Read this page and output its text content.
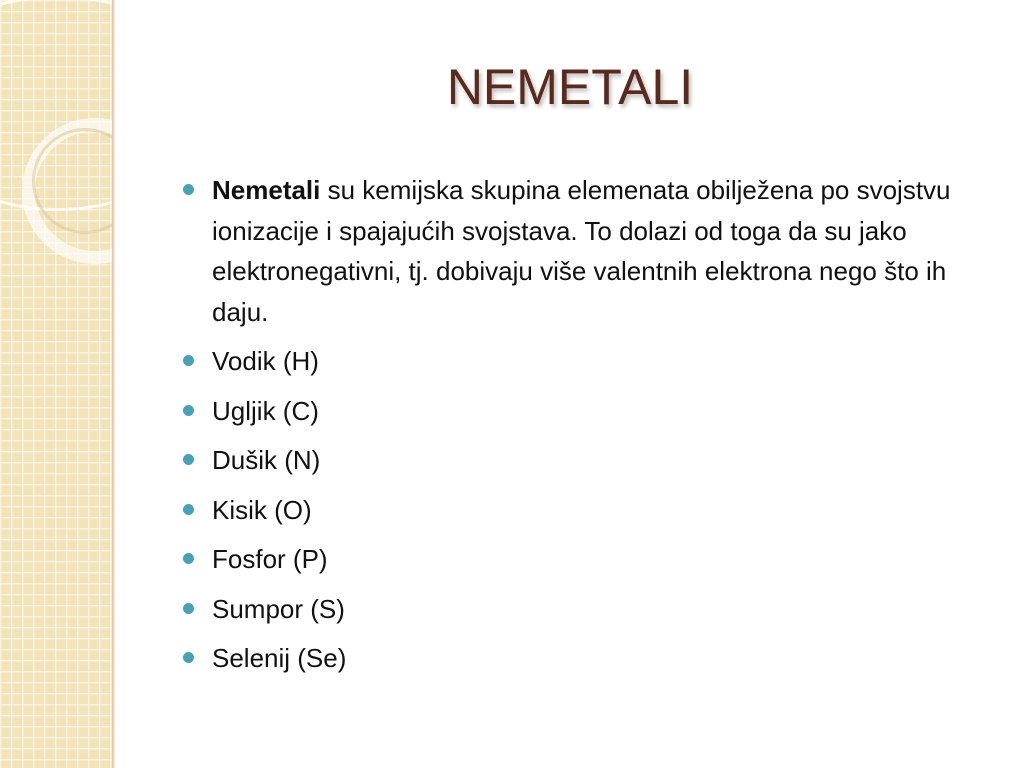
NEMETALI
Nemetali su kemijska skupina elemenata obilježena po svojstvu ionizacije i spajajućih svojstava. To dolazi od toga da su jako elektronegativni, tj. dobivaju više valentnih elektrona nego što ih daju.
Vodik (H)
Ugljik (C)
Dušik (N)
Kisik (O)
Fosfor (P)
Sumpor (S)
Selenij (Se)
